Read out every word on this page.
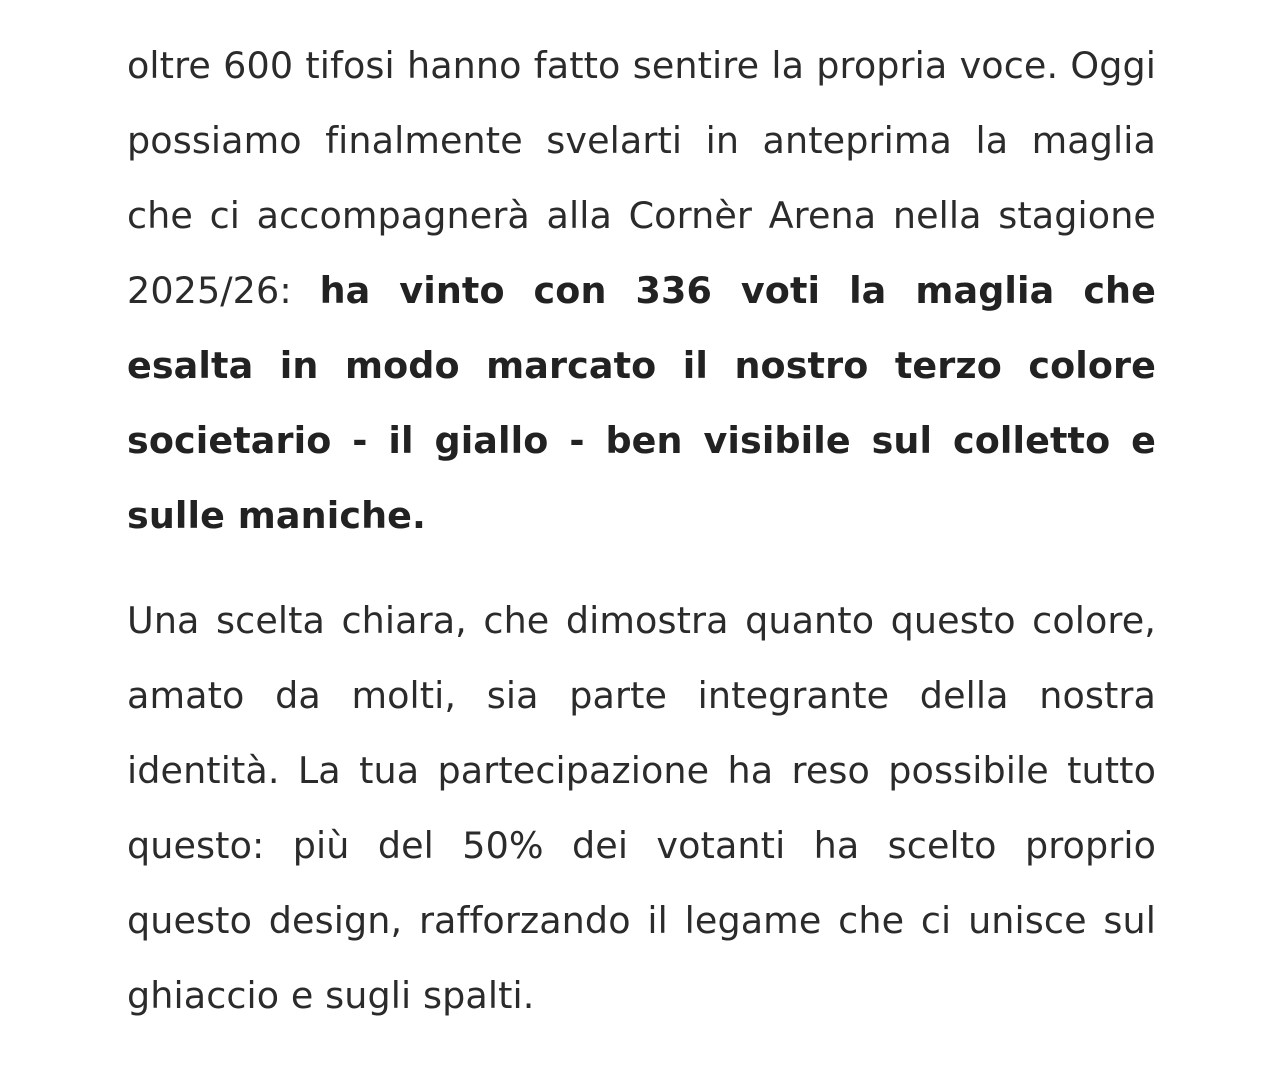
oltre 600 tifosi hanno fatto sentire la propria voce. Oggi possiamo finalmente svelarti in anteprima la maglia che ci accompagnerà alla Cornèr Arena nella stagione 2025/26: ha vinto con 336 voti la maglia che esalta in modo marcato il nostro terzo colore societario - il giallo - ben visibile sul colletto e sulle maniche.

Una scelta chiara, che dimostra quanto questo colore, amato da molti, sia parte integrante della nostra identità. La tua partecipazione ha reso possibile tutto questo: più del 50% dei votanti ha scelto proprio questo design, rafforzando il legame che ci unisce sul ghiaccio e sugli spalti.
